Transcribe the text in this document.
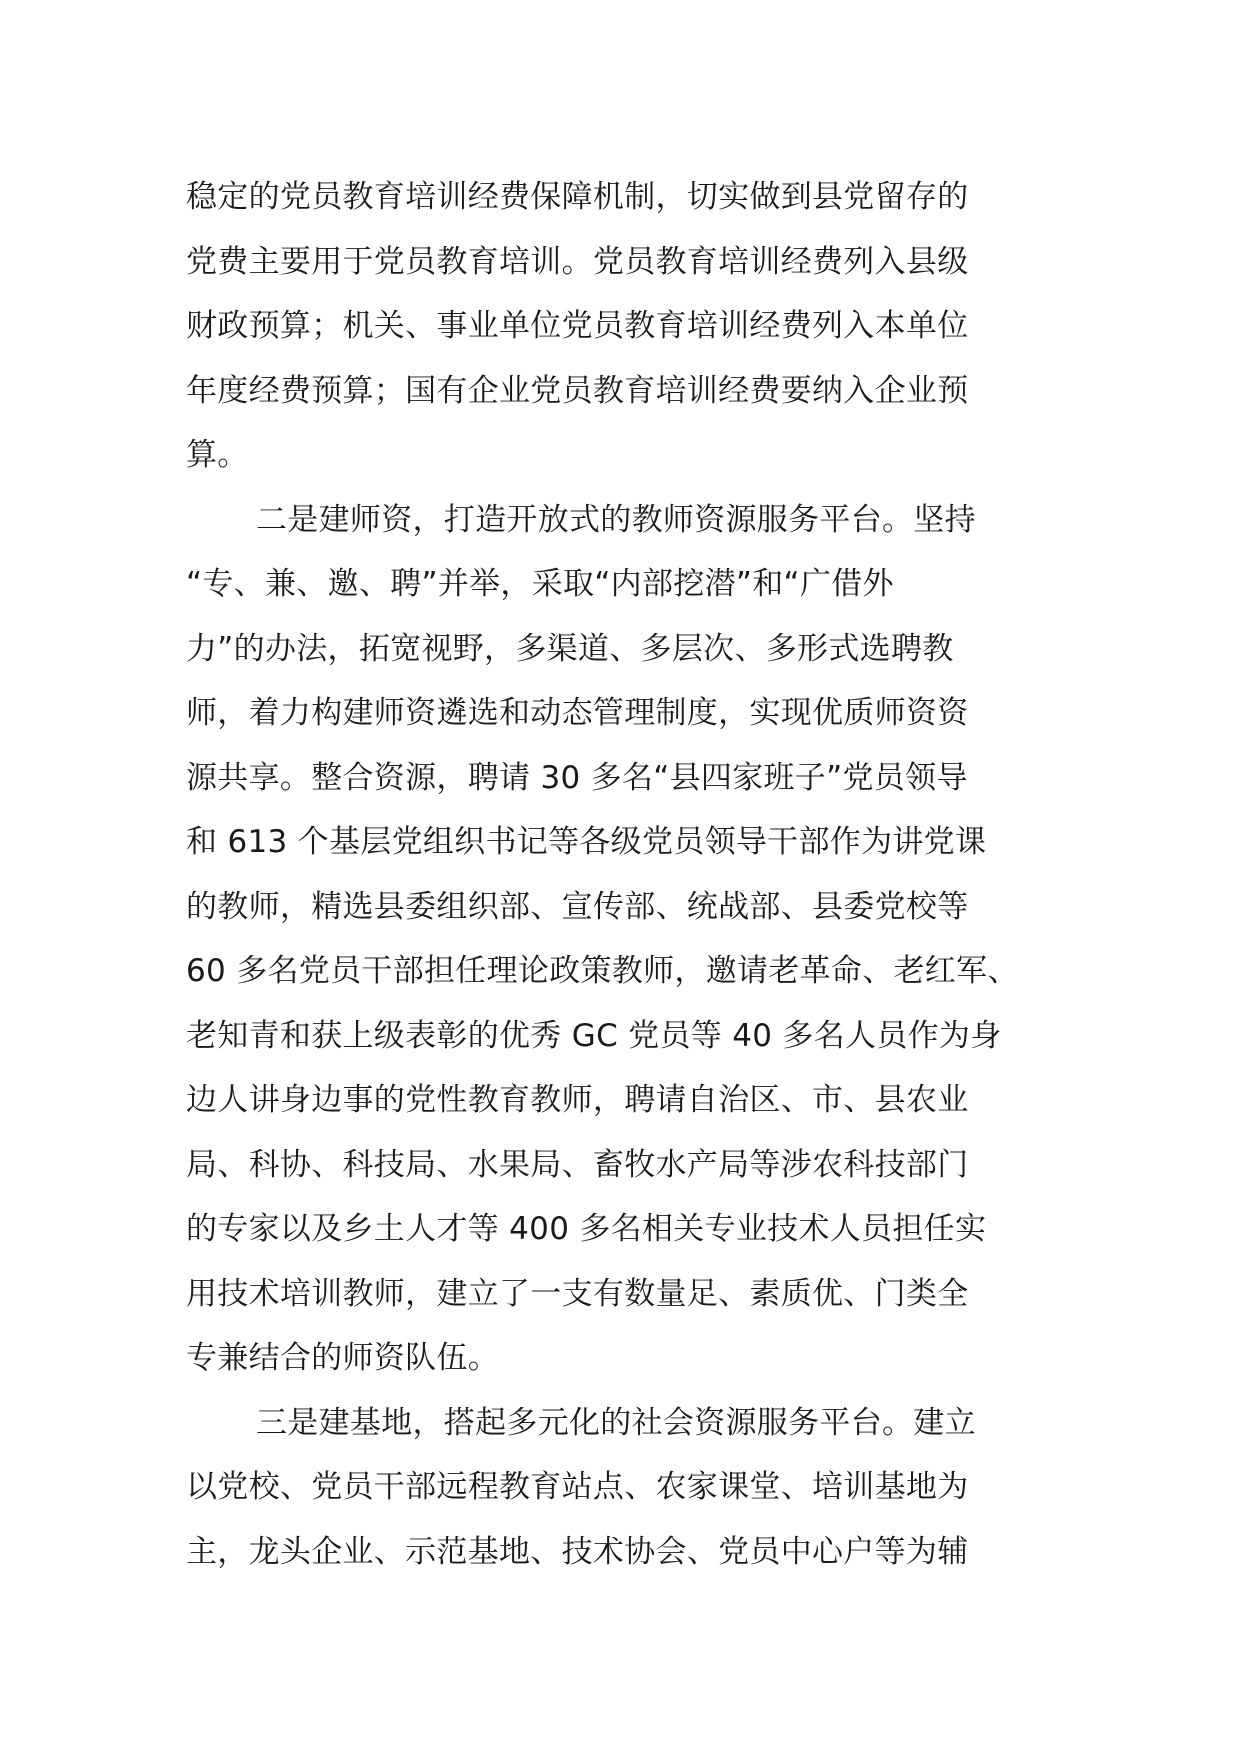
稳定的党员教育培训经费保障机制，切实做到县党留存的
党费主要用于党员教育培训。党员教育培训经费列入县级
财政预算；机关、事业单位党员教育培训经费列入本单位
年度经费预算；国有企业党员教育培训经费要纳入企业预
算。
二是建师资，打造开放式的教师资源服务平台。坚持
“专、兼、邀、聘”并举，采取“内部挖潜”和“广借外
力”的办法，拓宽视野，多渠道、多层次、多形式选聘教
师，着力构建师资遴选和动态管理制度，实现优质师资资
源共享。整合资源，聘请 30 多名“县四家班子”党员领导
和 613 个基层党组织书记等各级党员领导干部作为讲党课
的教师，精选县委组织部、宣传部、统战部、县委党校等
60 多名党员干部担任理论政策教师，邀请老革命、老红军、
老知青和获上级表彰的优秀 GC 党员等 40 多名人员作为身
边人讲身边事的党性教育教师，聘请自治区、市、县农业
局、科协、科技局、水果局、畜牧水产局等涉农科技部门
的专家以及乡土人才等 400 多名相关专业技术人员担任实
用技术培训教师，建立了一支有数量足、素质优、门类全
专兼结合的师资队伍。
三是建基地，搭起多元化的社会资源服务平台。建立
以党校、党员干部远程教育站点、农家课堂、培训基地为
主，龙头企业、示范基地、技术协会、党员中心户等为辅
